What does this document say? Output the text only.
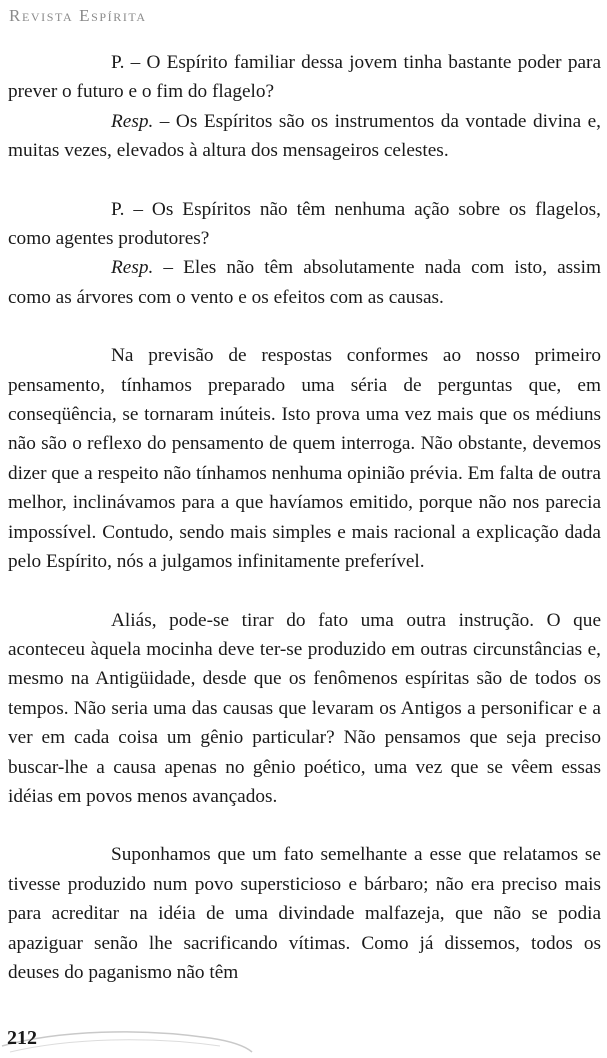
Revista Espírita

P. – O Espírito familiar dessa jovem tinha bastante poder para prever o futuro e o fim do flagelo?

Resp. – Os Espíritos são os instrumentos da vontade divina e, muitas vezes, elevados à altura dos mensageiros celestes.

P. – Os Espíritos não têm nenhuma ação sobre os flagelos, como agentes produtores?

Resp. – Eles não têm absolutamente nada com isto, assim como as árvores com o vento e os efeitos com as causas.

Na previsão de respostas conformes ao nosso primeiro pensamento, tínhamos preparado uma séria de perguntas que, em conseqüência, se tornaram inúteis. Isto prova uma vez mais que os médiuns não são o reflexo do pensamento de quem interroga. Não obstante, devemos dizer que a respeito não tínhamos nenhuma opinião prévia. Em falta de outra melhor, inclinávamos para a que havíamos emitido, porque não nos parecia impossível. Contudo, sendo mais simples e mais racional a explicação dada pelo Espírito, nós a julgamos infinitamente preferível.

Aliás, pode-se tirar do fato uma outra instrução. O que aconteceu àquela mocinha deve ter-se produzido em outras circunstâncias e, mesmo na Antigüidade, desde que os fenômenos espíritas são de todos os tempos. Não seria uma das causas que levaram os Antigos a personificar e a ver em cada coisa um gênio particular? Não pensamos que seja preciso buscar-lhe a causa apenas no gênio poético, uma vez que se vêem essas idéias em povos menos avançados.

Suponhamos que um fato semelhante a esse que relatamos se tivesse produzido num povo supersticioso e bárbaro; não era preciso mais para acreditar na idéia de uma divindade malfazeja, que não se podia apaziguar senão lhe sacrificando vítimas. Como já dissemos, todos os deuses do paganismo não têm

212
